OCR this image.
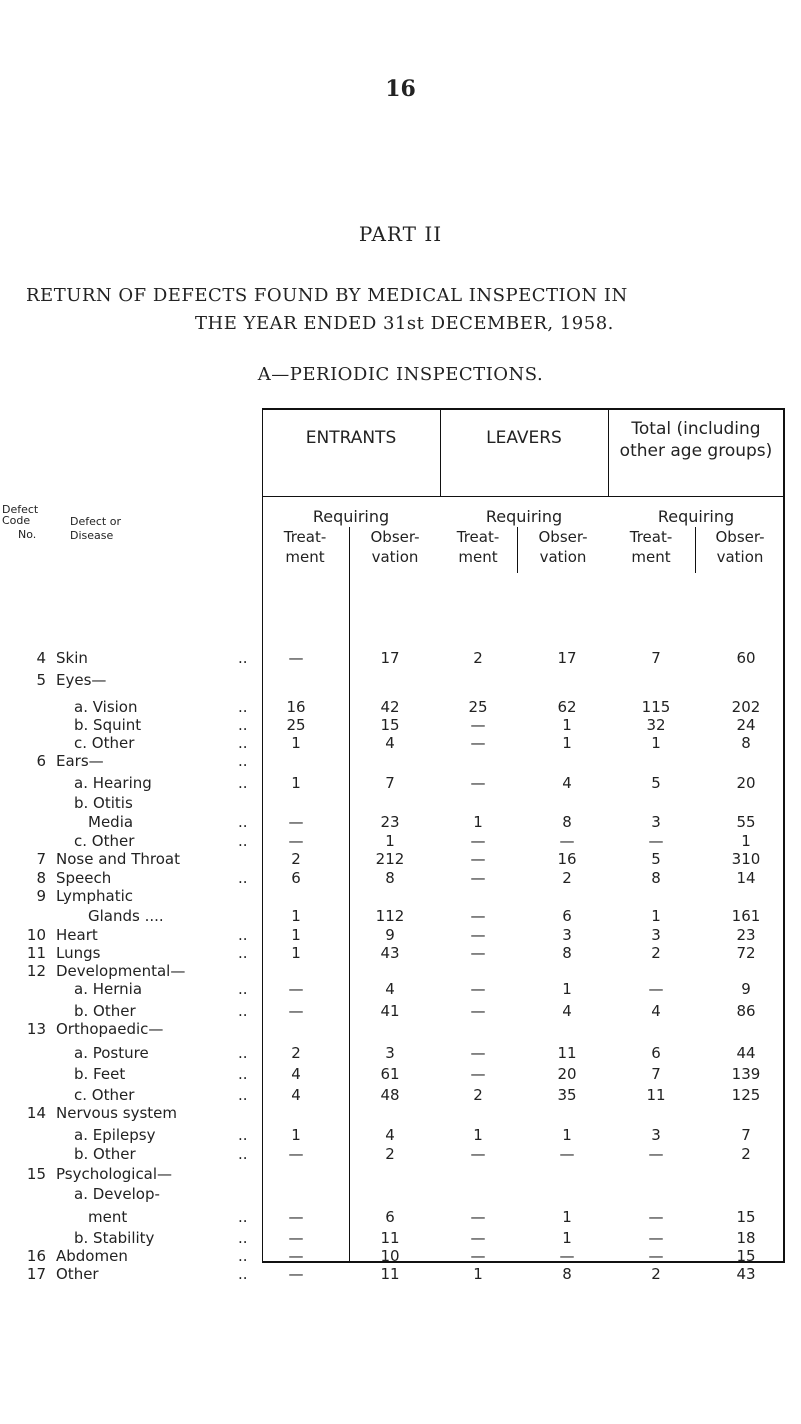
16
PART II
RETURN OF DEFECTS FOUND BY MEDICAL INSPECTION IN
THE YEAR ENDED 31st DECEMBER, 1958.
A—PERIODIC INSPECTIONS.
Defect
Code
No.
Defect or
Disease
ENTRANTS	LEAVERS	Total (including other age groups)
Requiring	Requiring	Requiring
Treat-
ment
Obser-
vation
Treat-
ment
Obser-
vation
Treat-
ment
Obser-
vation
4 Skin	..	—	17	2	17	7	60
5 Eyes—
a. Vision	..	16	42	25	62	115	202
b. Squint	..	25	15	—	1	32	24
c. Other	..	1	4	—	1	1	8
6 Ears—	..
a. Hearing	..	1	7	—	4	5	20
b. Otitis
Media	..	—	23	1	8	3	55
c. Other	..	—	1	—	—	—	1
7 Nose and Throat	2	212	—	16	5	310
8 Speech	..	6	8	—	2	8	14
9 Lymphatic
Glands ....	1	112	—	6	1	161
10 Heart	..	1	9	—	3	3	23
11 Lungs	..	1	43	—	8	2	72
12 Developmental—
a. Hernia	..	—	4	—	1	—	9
b. Other	..	—	41	—	4	4	86
13 Orthopaedic—
a. Posture	..	2	3	—	11	6	44
b. Feet	..	4	61	—	20	7	139
c. Other	..	4	48	2	35	11	125
14 Nervous system
a. Epilepsy	..	1	4	1	1	3	7
b. Other	..	—	2	—	—	—	2
15 Psychological—
a. Develop-
ment	..	—	6	—	1	—	15
b. Stability	..	—	11	—	1	—	18
16 Abdomen	..	—	10	—	—	—	15
17 Other	..	—	11	1	8	2	43
